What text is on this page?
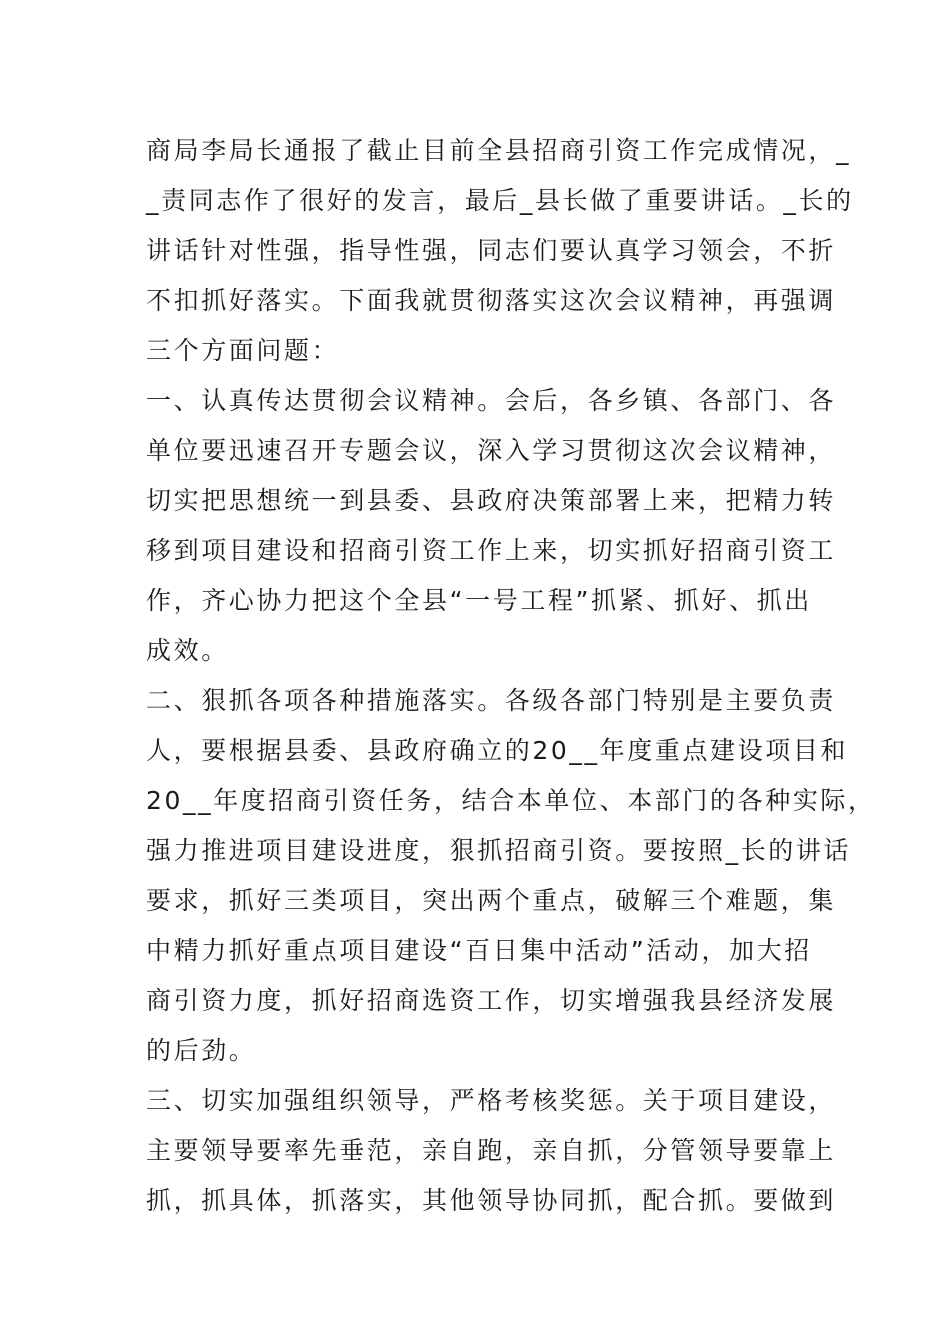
商局李局长通报了截止目前全县招商引资工作完成情况，_
_责同志作了很好的发言，最后_县长做了重要讲话。_长的
讲话针对性强，指导性强，同志们要认真学习领会，不折
不扣抓好落实。下面我就贯彻落实这次会议精神，再强调
三个方面问题：
一、认真传达贯彻会议精神。会后，各乡镇、各部门、各
单位要迅速召开专题会议，深入学习贯彻这次会议精神，
切实把思想统一到县委、县政府决策部署上来，把精力转
移到项目建设和招商引资工作上来，切实抓好招商引资工
作，齐心协力把这个全县“一号工程”抓紧、抓好、抓出
成效。
二、狠抓各项各种措施落实。各级各部门特别是主要负责
人，要根据县委、县政府确立的20__年度重点建设项目和
20__年度招商引资任务，结合本单位、本部门的各种实际，
强力推进项目建设进度，狠抓招商引资。要按照_长的讲话
要求，抓好三类项目，突出两个重点，破解三个难题，集
中精力抓好重点项目建设“百日集中活动”活动，加大招
商引资力度，抓好招商选资工作，切实增强我县经济发展
的后劲。
三、切实加强组织领导，严格考核奖惩。关于项目建设，
主要领导要率先垂范，亲自跑，亲自抓，分管领导要靠上
抓，抓具体，抓落实，其他领导协同抓，配合抓。要做到
